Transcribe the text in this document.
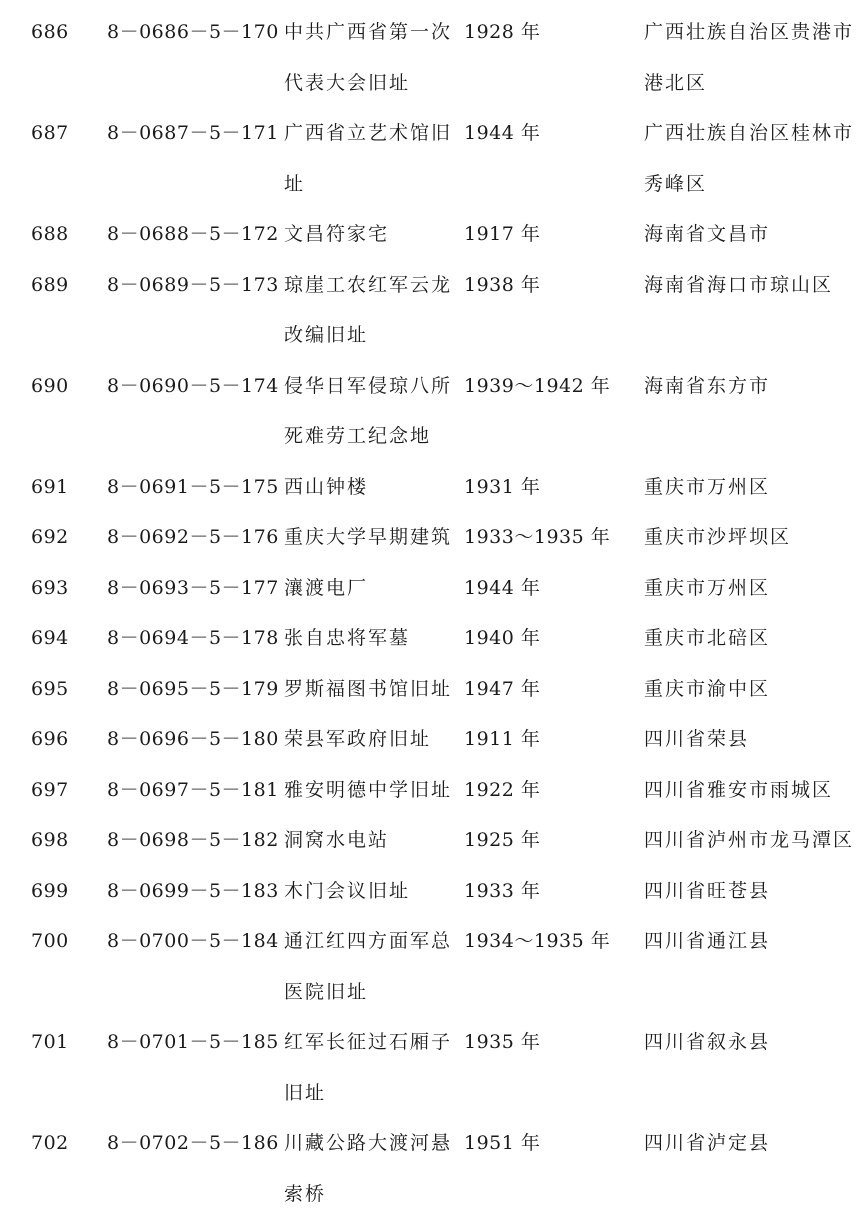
686	8－0686－5－170	中共广西省第一次代表大会旧址	1928 年	广西壮族自治区贵港市港北区
687	8－0687－5－171	广西省立艺术馆旧址	1944 年	广西壮族自治区桂林市秀峰区
688	8－0688－5－172	文昌符家宅	1917 年	海南省文昌市
689	8－0689－5－173	琼崖工农红军云龙改编旧址	1938 年	海南省海口市琼山区
690	8－0690－5－174	侵华日军侵琼八所死难劳工纪念地	1939～1942 年	海南省东方市
691	8－0691－5－175	西山钟楼	1931 年	重庆市万州区
692	8－0692－5－176	重庆大学早期建筑	1933～1935 年	重庆市沙坪坝区
693	8－0693－5－177	瀼渡电厂	1944 年	重庆市万州区
694	8－0694－5－178	张自忠将军墓	1940 年	重庆市北碚区
695	8－0695－5－179	罗斯福图书馆旧址	1947 年	重庆市渝中区
696	8－0696－5－180	荣县军政府旧址	1911 年	四川省荣县
697	8－0697－5－181	雅安明德中学旧址	1922 年	四川省雅安市雨城区
698	8－0698－5－182	洞窝水电站	1925 年	四川省泸州市龙马潭区
699	8－0699－5－183	木门会议旧址	1933 年	四川省旺苍县
700	8－0700－5－184	通江红四方面军总医院旧址	1934～1935 年	四川省通江县
701	8－0701－5－185	红军长征过石厢子旧址	1935 年	四川省叙永县
702	8－0702－5－186	川藏公路大渡河悬索桥	1951 年	四川省泸定县
